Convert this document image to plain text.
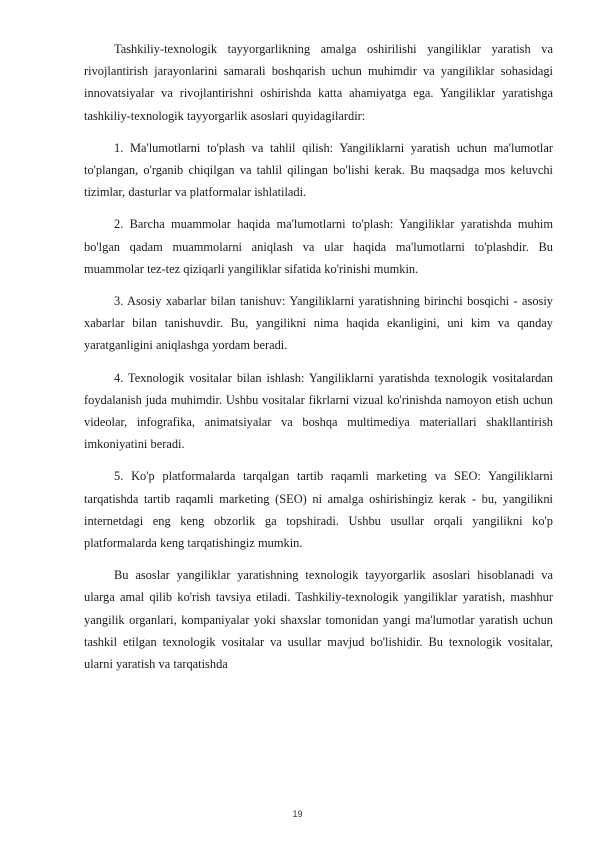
Tashkiliy-texnologik tayyorgarlikning amalga oshirilishi yangiliklar yaratish va rivojlantirish jarayonlarini samarali boshqarish uchun muhimdir va yangiliklar sohasidagi innovatsiyalar va rivojlantirishni oshirishda katta ahamiyatga ega. Yangiliklar yaratishga tashkiliy-texnologik tayyorgarlik asoslari quyidagilardir:

1. Ma'lumotlarni to'plash va tahlil qilish: Yangiliklarni yaratish uchun ma'lumotlar to'plangan, o'rganib chiqilgan va tahlil qilingan bo'lishi kerak. Bu maqsadga mos keluvchi tizimlar, dasturlar va platformalar ishlatiladi.

2. Barcha muammolar haqida ma'lumotlarni to'plash: Yangiliklar yaratishda muhim bo'lgan qadam muammolarni aniqlash va ular haqida ma'lumotlarni to'plashdir. Bu muammolar tez-tez qiziqarli yangiliklar sifatida ko'rinishi mumkin.

3. Asosiy xabarlar bilan tanishuv: Yangiliklarni yaratishning birinchi bosqichi - asosiy xabarlar bilan tanishuvdir. Bu, yangilikni nima haqida ekanligini, uni kim va qanday yaratganligini aniqlashga yordam beradi.

4. Texnologik vositalar bilan ishlash: Yangiliklarni yaratishda texnologik vositalardan foydalanish juda muhimdir. Ushbu vositalar fikrlarni vizual ko'rinishda namoyon etish uchun videolar, infografika, animatsiyalar va boshqa multimediya materiallari shakllantirish imkoniyatini beradi.

5. Ko'p platformalarda tarqalgan tartib raqamli marketing va SEO: Yangiliklarni tarqatishda tartib raqamli marketing (SEO) ni amalga oshirishingiz kerak - bu, yangilikni internetdagi eng keng obzorlik ga topshiradi. Ushbu usullar orqali yangilikni ko'p platformalarda keng tarqatishingiz mumkin.

Bu asoslar yangiliklar yaratishning texnologik tayyorgarlik asoslari hisoblanadi va ularga amal qilib ko'rish tavsiya etiladi. Tashkiliy-texnologik yangiliklar yaratish, mashhur yangilik organlari, kompaniyalar yoki shaxslar tomonidan yangi ma'lumotlar yaratish uchun tashkil etilgan texnologik vositalar va usullar mavjud bo'lishidir. Bu texnologik vositalar, ularni yaratish va tarqatishda

19
